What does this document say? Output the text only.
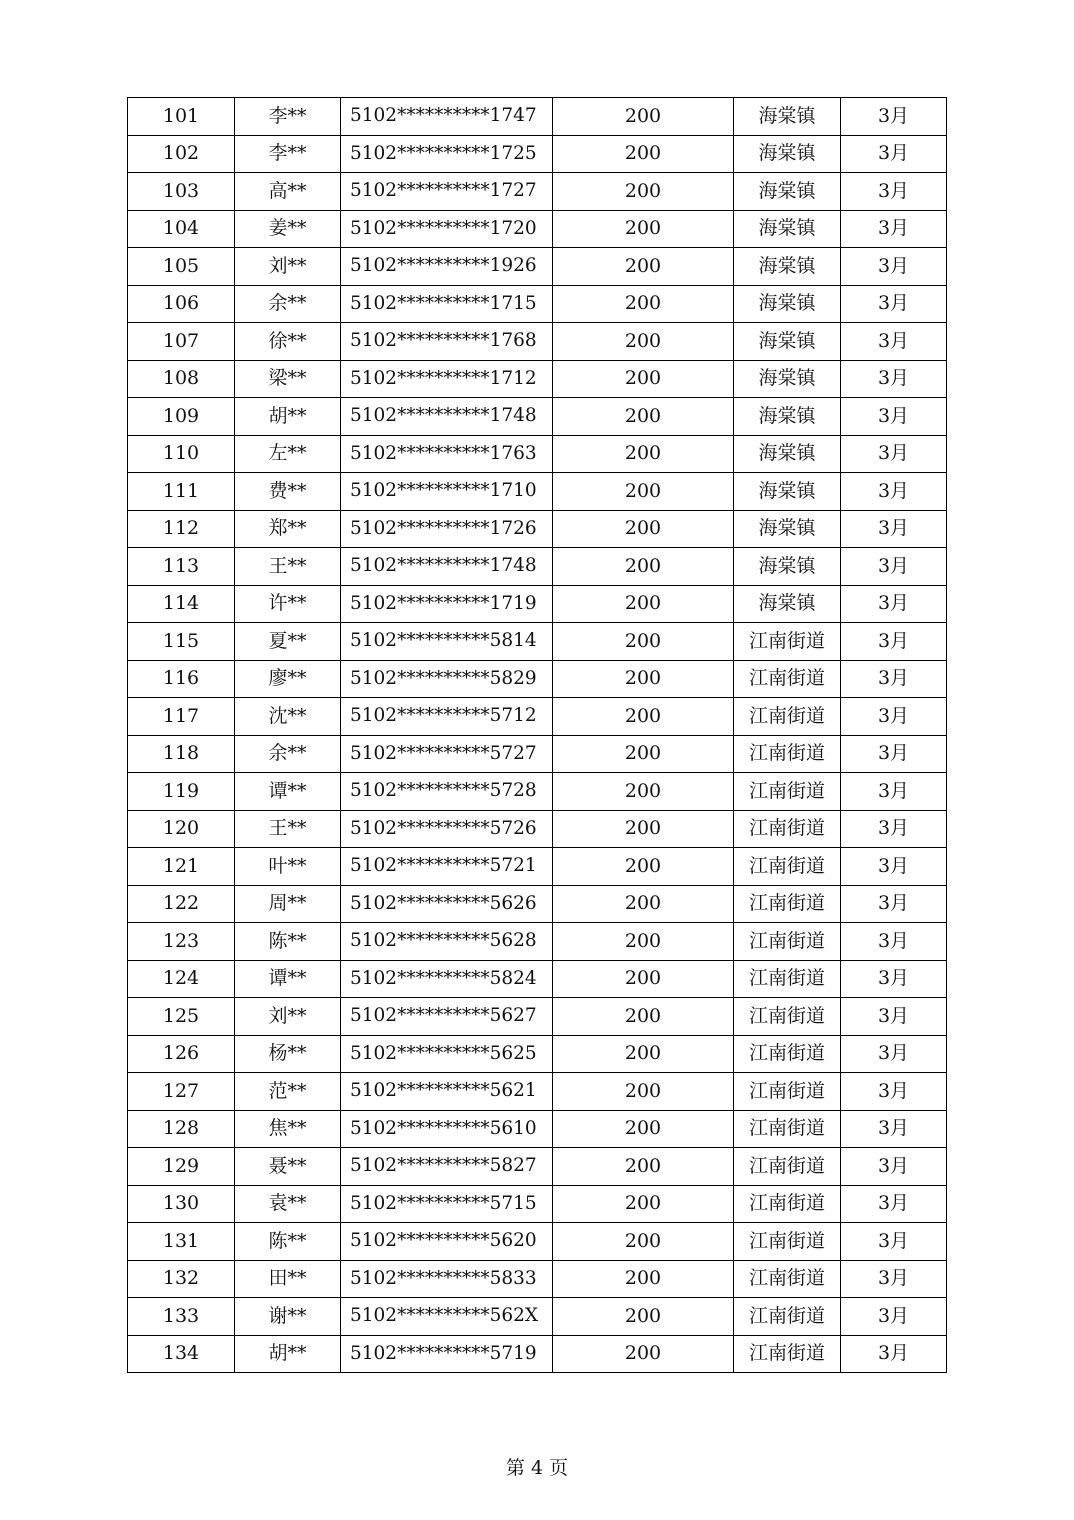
101	李**	5102**********1747	200	海棠镇	3月
102	李**	5102**********1725	200	海棠镇	3月
103	高**	5102**********1727	200	海棠镇	3月
104	姜**	5102**********1720	200	海棠镇	3月
105	刘**	5102**********1926	200	海棠镇	3月
106	余**	5102**********1715	200	海棠镇	3月
107	徐**	5102**********1768	200	海棠镇	3月
108	梁**	5102**********1712	200	海棠镇	3月
109	胡**	5102**********1748	200	海棠镇	3月
110	左**	5102**********1763	200	海棠镇	3月
111	费**	5102**********1710	200	海棠镇	3月
112	郑**	5102**********1726	200	海棠镇	3月
113	王**	5102**********1748	200	海棠镇	3月
114	许**	5102**********1719	200	海棠镇	3月
115	夏**	5102**********5814	200	江南街道	3月
116	廖**	5102**********5829	200	江南街道	3月
117	沈**	5102**********5712	200	江南街道	3月
118	余**	5102**********5727	200	江南街道	3月
119	谭**	5102**********5728	200	江南街道	3月
120	王**	5102**********5726	200	江南街道	3月
121	叶**	5102**********5721	200	江南街道	3月
122	周**	5102**********5626	200	江南街道	3月
123	陈**	5102**********5628	200	江南街道	3月
124	谭**	5102**********5824	200	江南街道	3月
125	刘**	5102**********5627	200	江南街道	3月
126	杨**	5102**********5625	200	江南街道	3月
127	范**	5102**********5621	200	江南街道	3月
128	焦**	5102**********5610	200	江南街道	3月
129	聂**	5102**********5827	200	江南街道	3月
130	袁**	5102**********5715	200	江南街道	3月
131	陈**	5102**********5620	200	江南街道	3月
132	田**	5102**********5833	200	江南街道	3月
133	谢**	5102**********562X	200	江南街道	3月
134	胡**	5102**********5719	200	江南街道	3月
第 4 页
